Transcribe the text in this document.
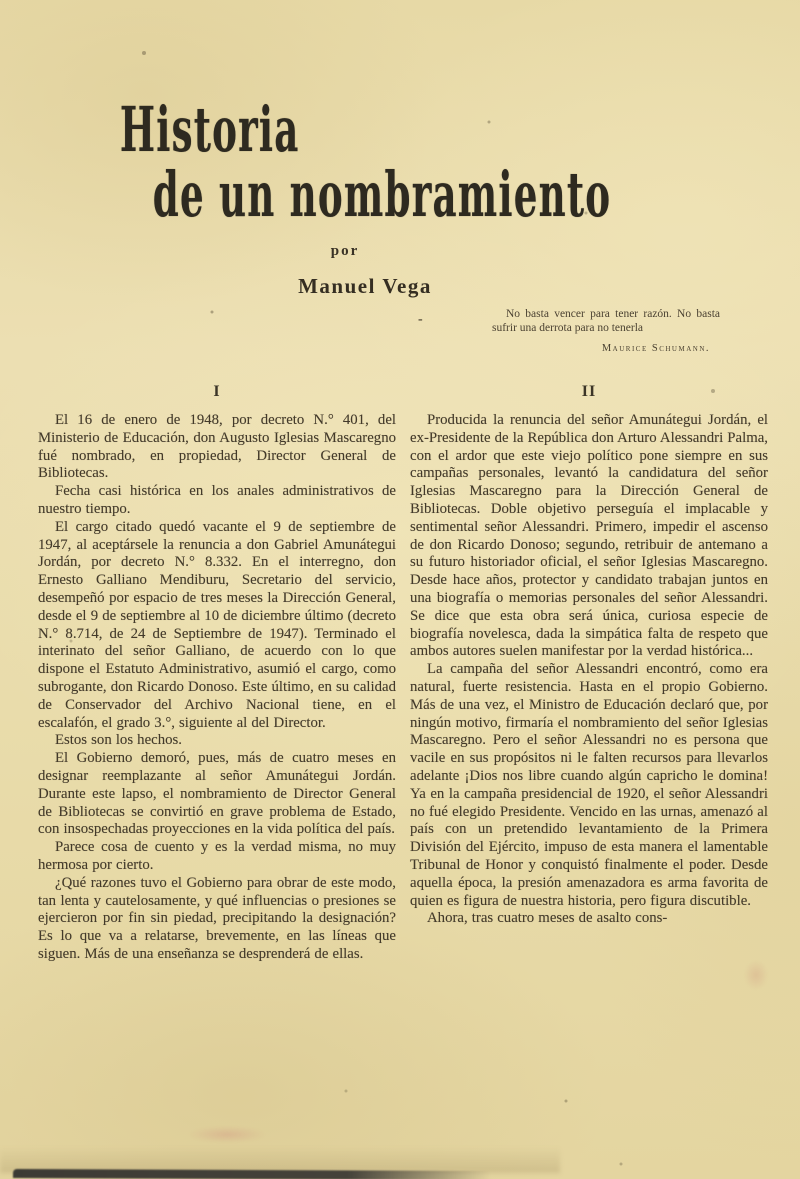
Historia
de un nombramiento
por
Manuel Vega
-	No basta vencer para tener razón. No basta sufrir una derrota para no tenerla

Maurice Schumann.
I

El 16 de enero de 1948, por decreto N.° 401, del Ministerio de Educación, don Augusto Iglesias Mascaregno fué nombrado, en propiedad, Director General de Bibliotecas.

Fecha casi histórica en los anales administrativos de nuestro tiempo.

El cargo citado quedó vacante el 9 de septiembre de 1947, al aceptársele la renuncia a don Gabriel Amunátegui Jordán, por decreto N.° 8.332. En el interregno, don Ernesto Galliano Mendiburu, Secretario del servicio, desempeñó por espacio de tres meses la Dirección General, desde el 9 de septiembre al 10 de diciembre último (decreto N.° 8.714, de 24 de Septiembre de 1947). Terminado el interinato del señor Galliano, de acuerdo con lo que dispone el Estatuto Administrativo, asumió el cargo, como subrogante, don Ricardo Donoso. Este último, en su calidad de Conservador del Archivo Nacional tiene, en el escalafón, el grado 3.°, siguiente al del Director.

Estos son los hechos.

El Gobierno demoró, pues, más de cuatro meses en designar reemplazante al señor Amunátegui Jordán. Durante este lapso, el nombramiento de Director General de Bibliotecas se convirtió en grave problema de Estado, con insospechadas proyecciones en la vida política del país.

Parece cosa de cuento y es la verdad misma, no muy hermosa por cierto.

¿Qué razones tuvo el Gobierno para obrar de este modo, tan lenta y cautelosamente, y qué influencias o presiones se ejercieron por fin sin piedad, precipitando la designación? Es lo que va a relatarse, brevemente, en las líneas que siguen. Más de una enseñanza se desprenderá de ellas.

II

Producida la renuncia del señor Amunátegui Jordán, el ex-Presidente de la República don Arturo Alessandri Palma, con el ardor que este viejo político pone siempre en sus campañas personales, levantó la candidatura del señor Iglesias Mascaregno para la Dirección General de Bibliotecas. Doble objetivo perseguía el implacable y sentimental señor Alessandri. Primero, impedir el ascenso de don Ricardo Donoso; segundo, retribuir de antemano a su futuro historiador oficial, el señor Iglesias Mascaregno. Desde hace años, protector y candidato trabajan juntos en una biografía o memorias personales del señor Alessandri. Se dice que esta obra será única, curiosa especie de biografía novelesca, dada la simpática falta de respeto que ambos autores suelen manifestar por la verdad histórica...

La campaña del señor Alessandri encontró, como era natural, fuerte resistencia. Hasta en el propio Gobierno. Más de una vez, el Ministro de Educación declaró que, por ningún motivo, firmaría el nombramiento del señor Iglesias Mascaregno. Pero el señor Alessandri no es persona que vacile en sus propósitos ni le falten recursos para llevarlos adelante ¡Dios nos libre cuando algún capricho le domina! Ya en la campaña presidencial de 1920, el señor Alessandri no fué elegido Presidente. Vencido en las urnas, amenazó al país con un pretendido levantamiento de la Primera División del Ejército, impuso de esta manera el lamentable Tribunal de Honor y conquistó finalmente el poder. Desde aquella época, la presión amenazadora es arma favorita de quien es figura de nuestra historia, pero figura discutible.

Ahora, tras cuatro meses de asalto cons-
